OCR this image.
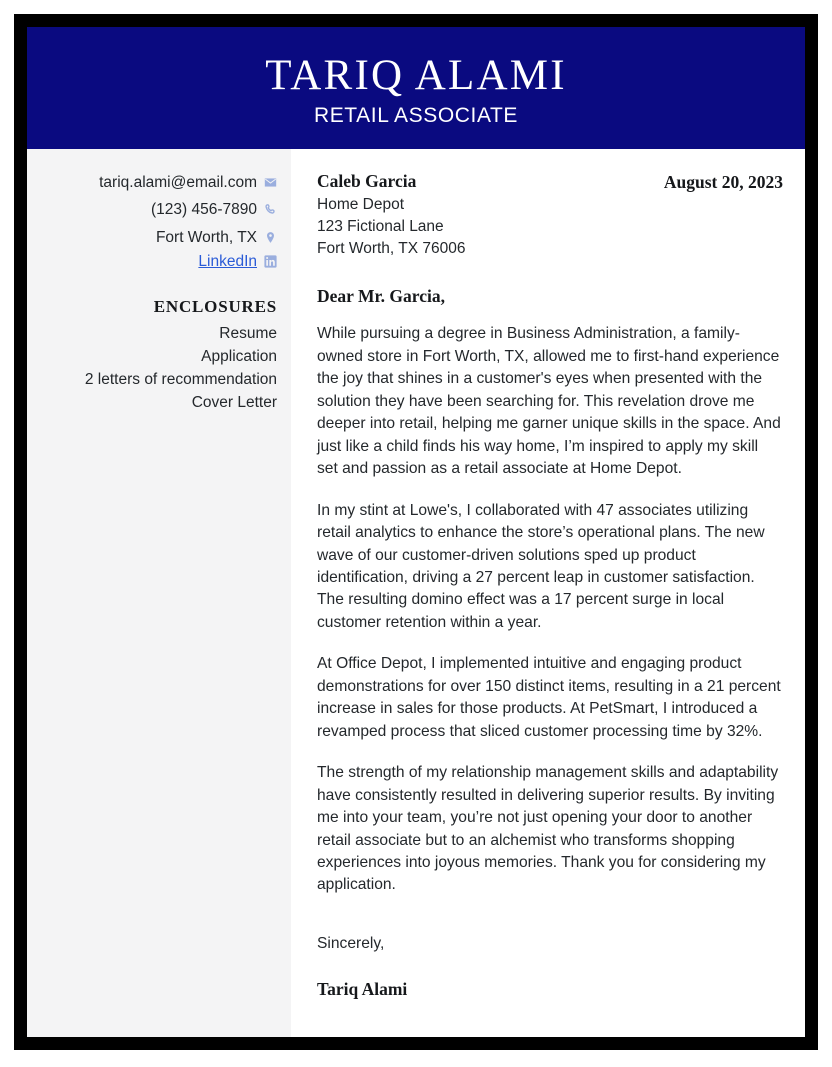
TARIQ ALAMI
RETAIL ASSOCIATE
tariq.alami@email.com
(123) 456-7890
Fort Worth, TX
LinkedIn
ENCLOSURES
Resume
Application
2 letters of recommendation
Cover Letter
Caleb Garcia
Home Depot
123 Fictional Lane
Fort Worth, TX 76006
August 20, 2023
Dear Mr. Garcia,

While pursuing a degree in Business Administration, a family-owned store in Fort Worth, TX, allowed me to first-hand experience the joy that shines in a customer's eyes when presented with the solution they have been searching for. This revelation drove me deeper into retail, helping me garner unique skills in the space. And just like a child finds his way home, I’m inspired to apply my skill set and passion as a retail associate at Home Depot.

In my stint at Lowe's, I collaborated with 47 associates utilizing retail analytics to enhance the store’s operational plans. The new wave of our customer-driven solutions sped up product identification, driving a 27 percent leap in customer satisfaction. The resulting domino effect was a 17 percent surge in local customer retention within a year.

At Office Depot, I implemented intuitive and engaging product demonstrations for over 150 distinct items, resulting in a 21 percent increase in sales for those products. At PetSmart, I introduced a revamped process that sliced customer processing time by 32%.

The strength of my relationship management skills and adaptability have consistently resulted in delivering superior results. By inviting me into your team, you’re not just opening your door to another retail associate but to an alchemist who transforms shopping experiences into joyous memories. Thank you for considering my application.

Sincerely,
Tariq Alami
